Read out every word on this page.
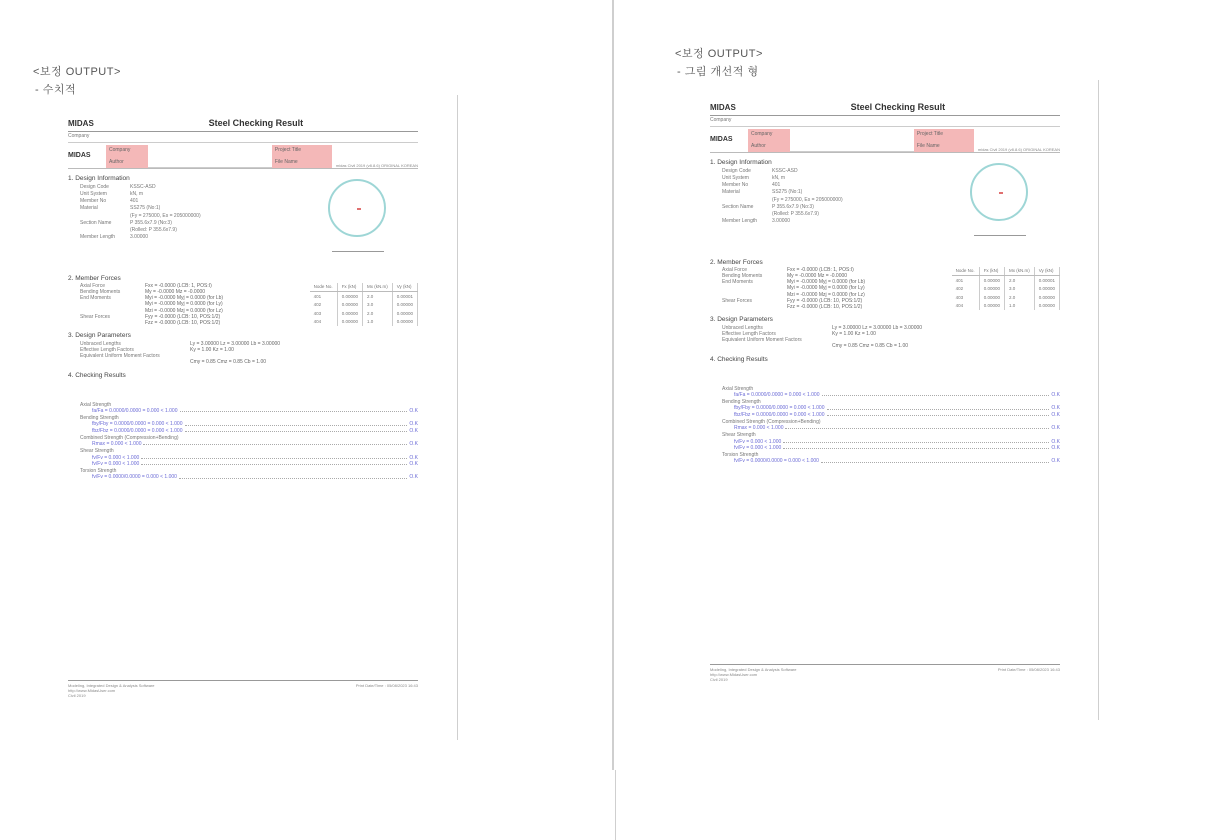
<보정 OUTPUT>
- 수치적
<보정 OUTPUT>
- 그림 개선적 형
MIDAS	Steel Checking Result
Company
MIDAS
Company
Author
Project Title
File Name
midas Civil 2019 (v8.8.6) ORIGINAL KOREAN
1. Design Information
Design Code	KSSC-ASD
Unit System	kN, m
Member No	401
Material	SS275 (No:1)
(Fy = 275000, Es = 205000000)
Section Name	P 355.6x7.9 (No:3)
(Rolled: P 355.6x7.9)
Member Length	3.00000
2. Member Forces
Axial Force	Fxx = -0.0000 (LCB: 1, POS:I)
Bending Moments	My = -0.0000 Mz = -0.0000
End Moments	Myi = -0.0000 Myj = 0.0000 (for Lb)
Myi = -0.0000 Myj = 0.0000 (for Ly)
Mzi = -0.0000 Mzj = 0.0000 (for Lz)
Shear Forces	Fyy = -0.0000 (LCB: 10, POS:1/2)
Fzz = -0.0000 (LCB: 10, POS:1/2)
Node No.	Fx (kN)	Mx (kN.m)	Vy (kN)
401	0.00000	2.0	0.00001
402	0.00000	3.0	0.00000
403	0.00000	2.0	0.00000
404	0.00000	1.0	0.00000
3. Design Parameters
Unbraced Lengths	Ly = 3.00000 Lz = 3.00000 Lb = 3.00000
Effective Length Factors	Ky = 1.00 Kz = 1.00
Equivalent Uniform Moment Factors
Cmy = 0.85 Cmz = 0.85 Cb = 1.00
4. Checking Results
Axial Strength
fa/Fa = 0.0000/0.0000 = 0.000 < 1.000	O.K
Bending Strength
fby/Fby = 0.0000/0.0000 = 0.000 < 1.000	O.K
fbz/Fbz = 0.0000/0.0000 = 0.000 < 1.000	O.K
Combined Strength (Compression+Bending)
Rmax = 0.000 < 1.000	O.K
Shear Strength
fv/Fv = 0.000 < 1.000	O.K
fv/Fv = 0.000 < 1.000	O.K
Torsion Strength
fv/Fv = 0.0000/0.0000 = 0.000 < 1.000	O.K
Modeling, Integrated Design & Analysis Software
http://www.MidasUser.com
Civil 2019
Print Date/Time : 05/08/2023 16:43
MIDAS	Steel Checking Result
Company
MIDAS
Company
Author
Project Title
File Name
midas Civil 2019 (v8.8.6) ORIGINAL KOREAN
1. Design Information
Design Code	KSSC-ASD
Unit System	kN, m
Member No	401
Material	SS275 (No:1)
(Fy = 275000, Es = 205000000)
Section Name	P 355.6x7.9 (No:3)
(Rolled: P 355.6x7.9)
Member Length	3.00000
2. Member Forces
Axial Force	Fxx = -0.0000 (LCB: 1, POS:I)
Bending Moments	My = -0.0000 Mz = -0.0000
End Moments	Myi = -0.0000 Myj = 0.0000 (for Lb)
Myi = -0.0000 Myj = 0.0000 (for Ly)
Mzi = -0.0000 Mzj = 0.0000 (for Lz)
Shear Forces	Fyy = -0.0000 (LCB: 10, POS:1/2)
Fzz = -0.0000 (LCB: 10, POS:1/2)
Node No.	Fx (kN)	Mx (kN.m)	Vy (kN)
401	0.00000	2.0	0.00001
402	0.00000	3.0	0.00000
403	0.00000	2.0	0.00000
404	0.00000	1.0	0.00000
3. Design Parameters
Unbraced Lengths	Ly = 3.00000 Lz = 3.00000 Lb = 3.00000
Effective Length Factors	Ky = 1.00 Kz = 1.00
Equivalent Uniform Moment Factors
Cmy = 0.85 Cmz = 0.85 Cb = 1.00
4. Checking Results
Axial Strength
fa/Fa = 0.0000/0.0000 = 0.000 < 1.000	O.K
Bending Strength
fby/Fby = 0.0000/0.0000 = 0.000 < 1.000	O.K
fbz/Fbz = 0.0000/0.0000 = 0.000 < 1.000	O.K
Combined Strength (Compression+Bending)
Rmax = 0.000 < 1.000	O.K
Shear Strength
fv/Fv = 0.000 < 1.000	O.K
fv/Fv = 0.000 < 1.000	O.K
Torsion Strength
fv/Fv = 0.0000/0.0000 = 0.000 < 1.000	O.K
Modeling, Integrated Design & Analysis Software
http://www.MidasUser.com
Civil 2019
Print Date/Time : 05/08/2023 16:43
